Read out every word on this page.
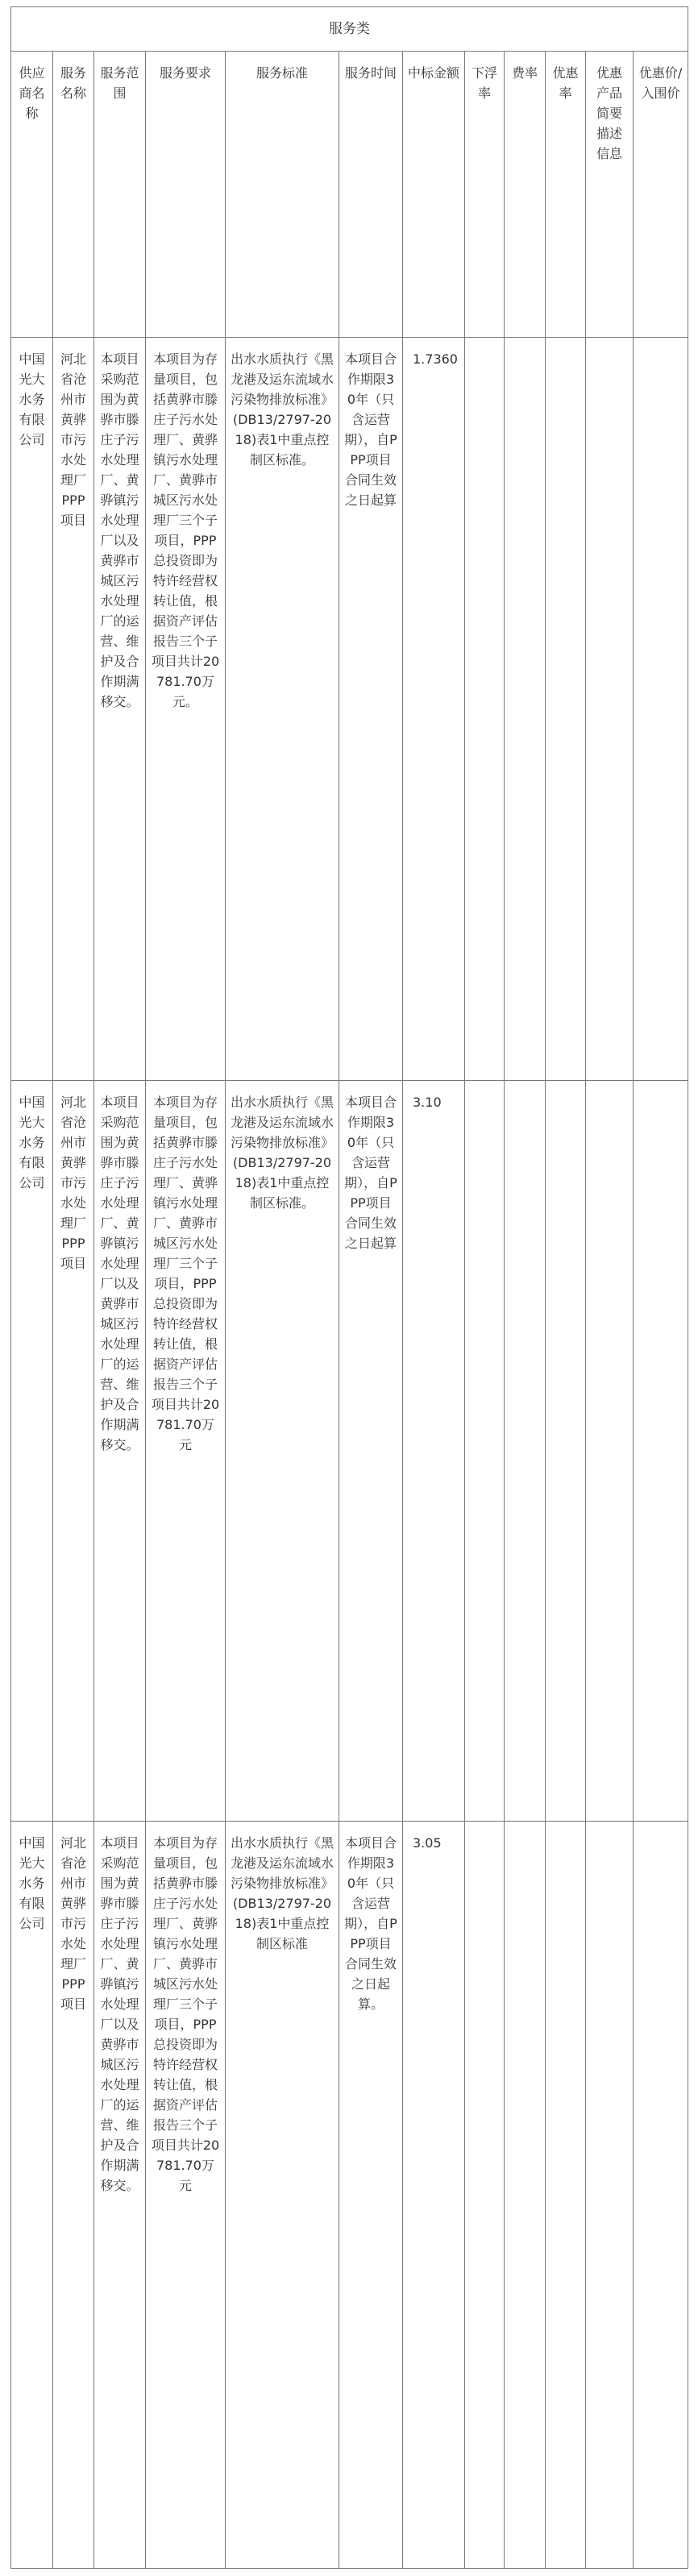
服务类											
供应商名称	服务名称	服务范围	服务要求	服务标准	服务时间	中标金额	下浮率	费率	优惠率	优惠产品简要描述信息	优惠价/入围价
中国光大水务有限公司	河北省沧州市黄骅市污水处理厂PPP项目	本项目采购范围为黄骅市滕庄子污水处理厂、黄骅镇污水处理厂以及黄骅市城区污水处理厂的运营、维护及合作期满移交。	本项目为存量项目，包括黄骅市滕庄子污水处理厂、黄骅镇污水处理厂、黄骅市城区污水处理厂三个子项目，PPP总投资即为特许经营权转让值，根据资产评估报告三个子项目共计20781.70万元。	出水水质执行《黑龙港及运东流域水污染物排放标准》(DB13/2797-2018)表1中重点控制区标准。	本项目合作期限30年（只含运营期），自PPP项目合同生效之日起算	1.7360					
中国光大水务有限公司	河北省沧州市黄骅市污水处理厂PPP项目	本项目采购范围为黄骅市滕庄子污水处理厂、黄骅镇污水处理厂以及黄骅市城区污水处理厂的运营、维护及合作期满移交。	本项目为存量项目，包括黄骅市滕庄子污水处理厂、黄骅镇污水处理厂、黄骅市城区污水处理厂三个子项目，PPP总投资即为特许经营权转让值，根据资产评估报告三个子项目共计20781.70万元	出水水质执行《黑龙港及运东流域水污染物排放标准》(DB13/2797-2018)表1中重点控制区标准。	本项目合作期限30年（只含运营期），自PPP项目合同生效之日起算	3.10					
中国光大水务有限公司	河北省沧州市黄骅市污水处理厂PPP项目	本项目采购范围为黄骅市滕庄子污水处理厂、黄骅镇污水处理厂以及黄骅市城区污水处理厂的运营、维护及合作期满移交。	本项目为存量项目，包括黄骅市滕庄子污水处理厂、黄骅镇污水处理厂、黄骅市城区污水处理厂三个子项目，PPP总投资即为特许经营权转让值，根据资产评估报告三个子项目共计20781.70万元	出水水质执行《黑龙港及运东流域水污染物排放标准》(DB13/2797-2018)表1中重点控制区标准	本项目合作期限30年（只含运营期），自PPP项目合同生效之日起算。	3.05					
